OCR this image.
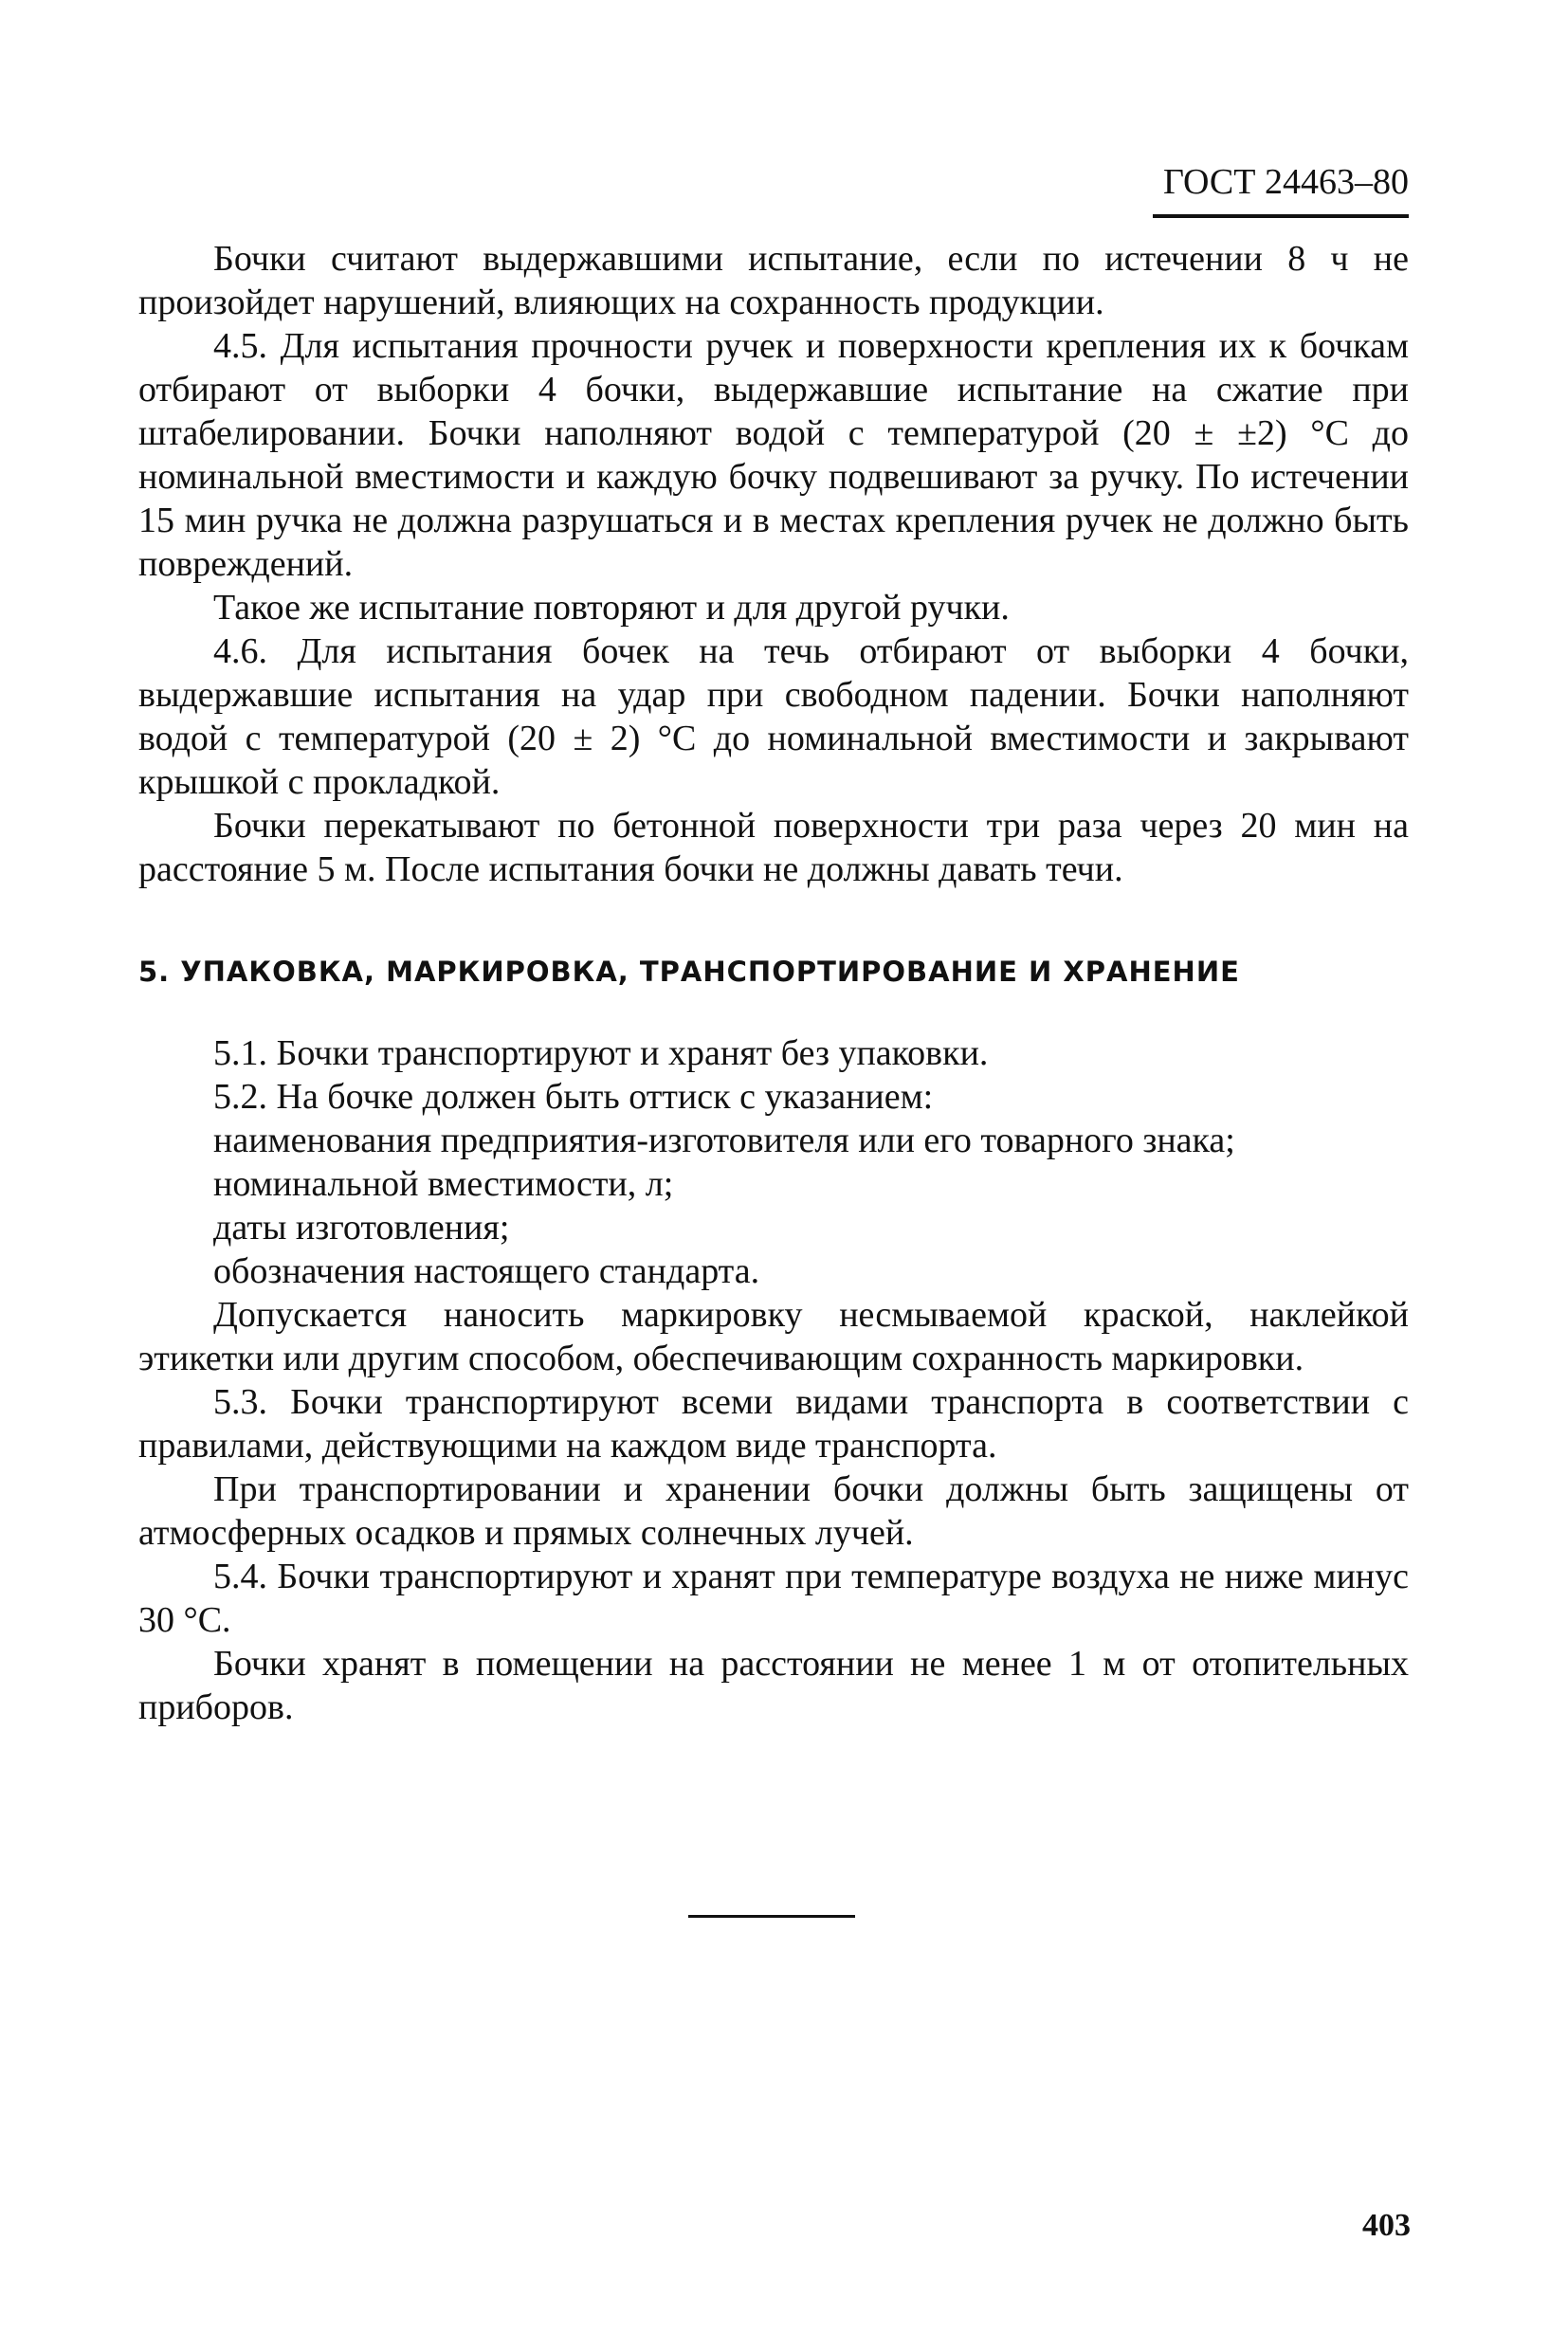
ГОСТ 24463–80

Бочки считают выдержавшими испытание, если по истечении 8 ч не произойдет нарушений, влияющих на сохранность продукции.

4.5. Для испытания прочности ручек и поверхности крепления их к бочкам отбирают от выборки 4 бочки, выдержавшие испытание на сжатие при штабелировании. Бочки наполняют водой с температурой (20 ± ±2) °С до номинальной вместимости и каждую бочку подвешивают за ручку. По истечении 15 мин ручка не должна разрушаться и в местах крепления ручек не должно быть повреждений.

Такое же испытание повторяют и для другой ручки.

4.6. Для испытания бочек на течь отбирают от выборки 4 бочки, выдержавшие испытания на удар при свободном падении. Бочки наполняют водой с температурой (20 ± 2) °С до номинальной вместимости и закрывают крышкой с прокладкой.

Бочки перекатывают по бетонной поверхности три раза через 20 мин на расстояние 5 м. После испытания бочки не должны давать течи.

5. УПАКОВКА, МАРКИРОВКА, ТРАНСПОРТИРОВАНИЕ И ХРАНЕНИЕ

5.1. Бочки транспортируют и хранят без упаковки.

5.2. На бочке должен быть оттиск с указанием:

наименования предприятия-изготовителя или его товарного знака;

номинальной вместимости, л;

даты изготовления;

обозначения настоящего стандарта.

Допускается наносить маркировку несмываемой краской, наклейкой этикетки или другим способом, обеспечивающим сохранность маркировки.

5.3. Бочки транспортируют всеми видами транспорта в соответствии с правилами, действующими на каждом виде транспорта.

При транспортировании и хранении бочки должны быть защищены от атмосферных осадков и прямых солнечных лучей.

5.4. Бочки транспортируют и хранят при температуре воздуха не ниже минус 30 °С.

Бочки хранят в помещении на расстоянии не менее 1 м от отопительных приборов.

403
